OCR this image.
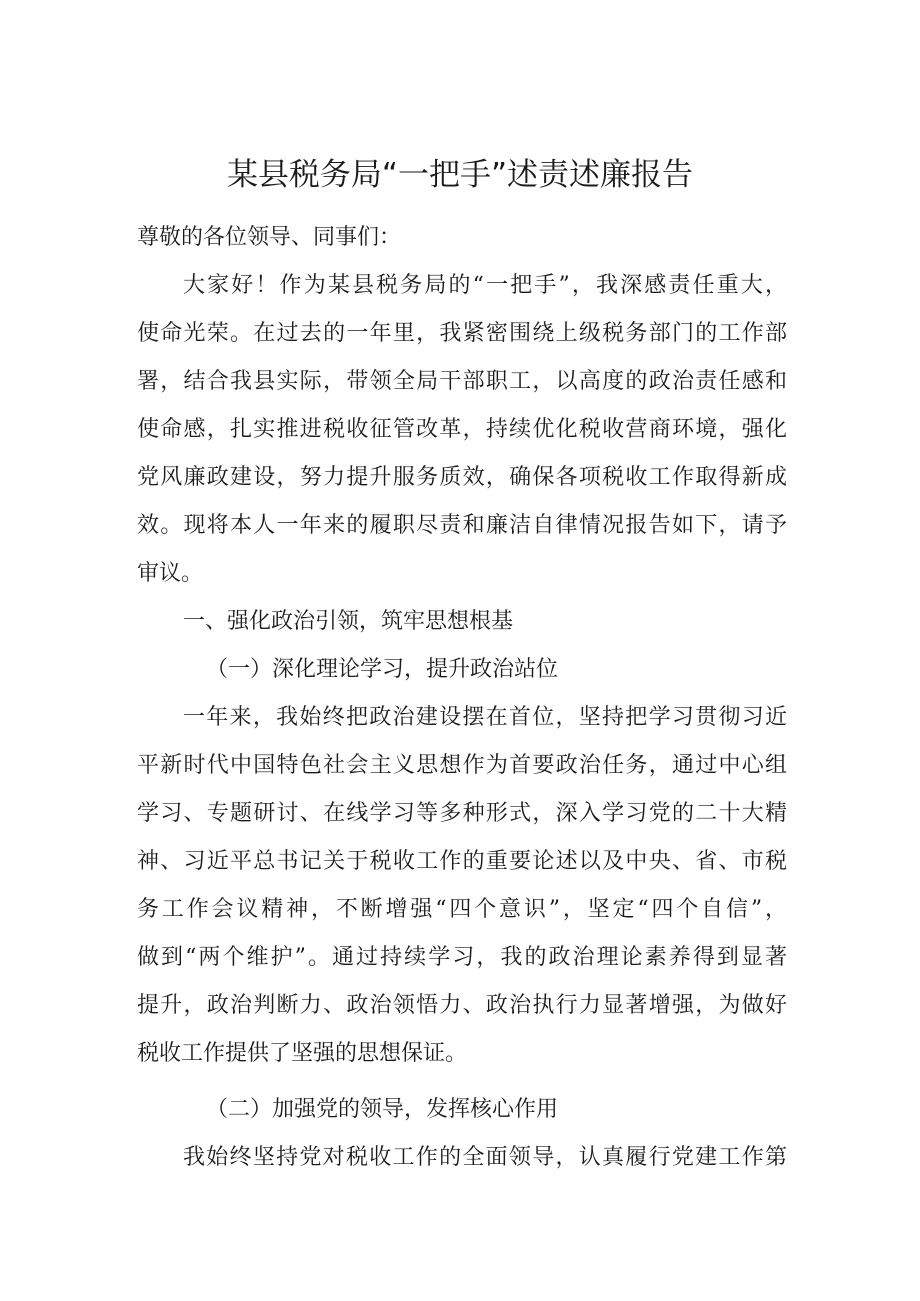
某县税务局“一把手”述责述廉报告

尊敬的各位领导、同事们：

大家好！作为某县税务局的“一把手”，我深感责任重大，

使命光荣。在过去的一年里，我紧密围绕上级税务部门的工作部

署，结合我县实际，带领全局干部职工，以高度的政治责任感和

使命感，扎实推进税收征管改革，持续优化税收营商环境，强化

党风廉政建设，努力提升服务质效，确保各项税收工作取得新成

效。现将本人一年来的履职尽责和廉洁自律情况报告如下，请予

审议。

一、强化政治引领，筑牢思想根基

（一）深化理论学习，提升政治站位

一年来，我始终把政治建设摆在首位，坚持把学习贯彻习近

平新时代中国特色社会主义思想作为首要政治任务，通过中心组

学习、专题研讨、在线学习等多种形式，深入学习党的二十大精

神、习近平总书记关于税收工作的重要论述以及中央、省、市税

务工作会议精神，不断增强“四个意识”，坚定“四个自信”，

做到“两个维护”。通过持续学习，我的政治理论素养得到显著

提升，政治判断力、政治领悟力、政治执行力显著增强，为做好

税收工作提供了坚强的思想保证。

（二）加强党的领导，发挥核心作用

我始终坚持党对税收工作的全面领导，认真履行党建工作第
